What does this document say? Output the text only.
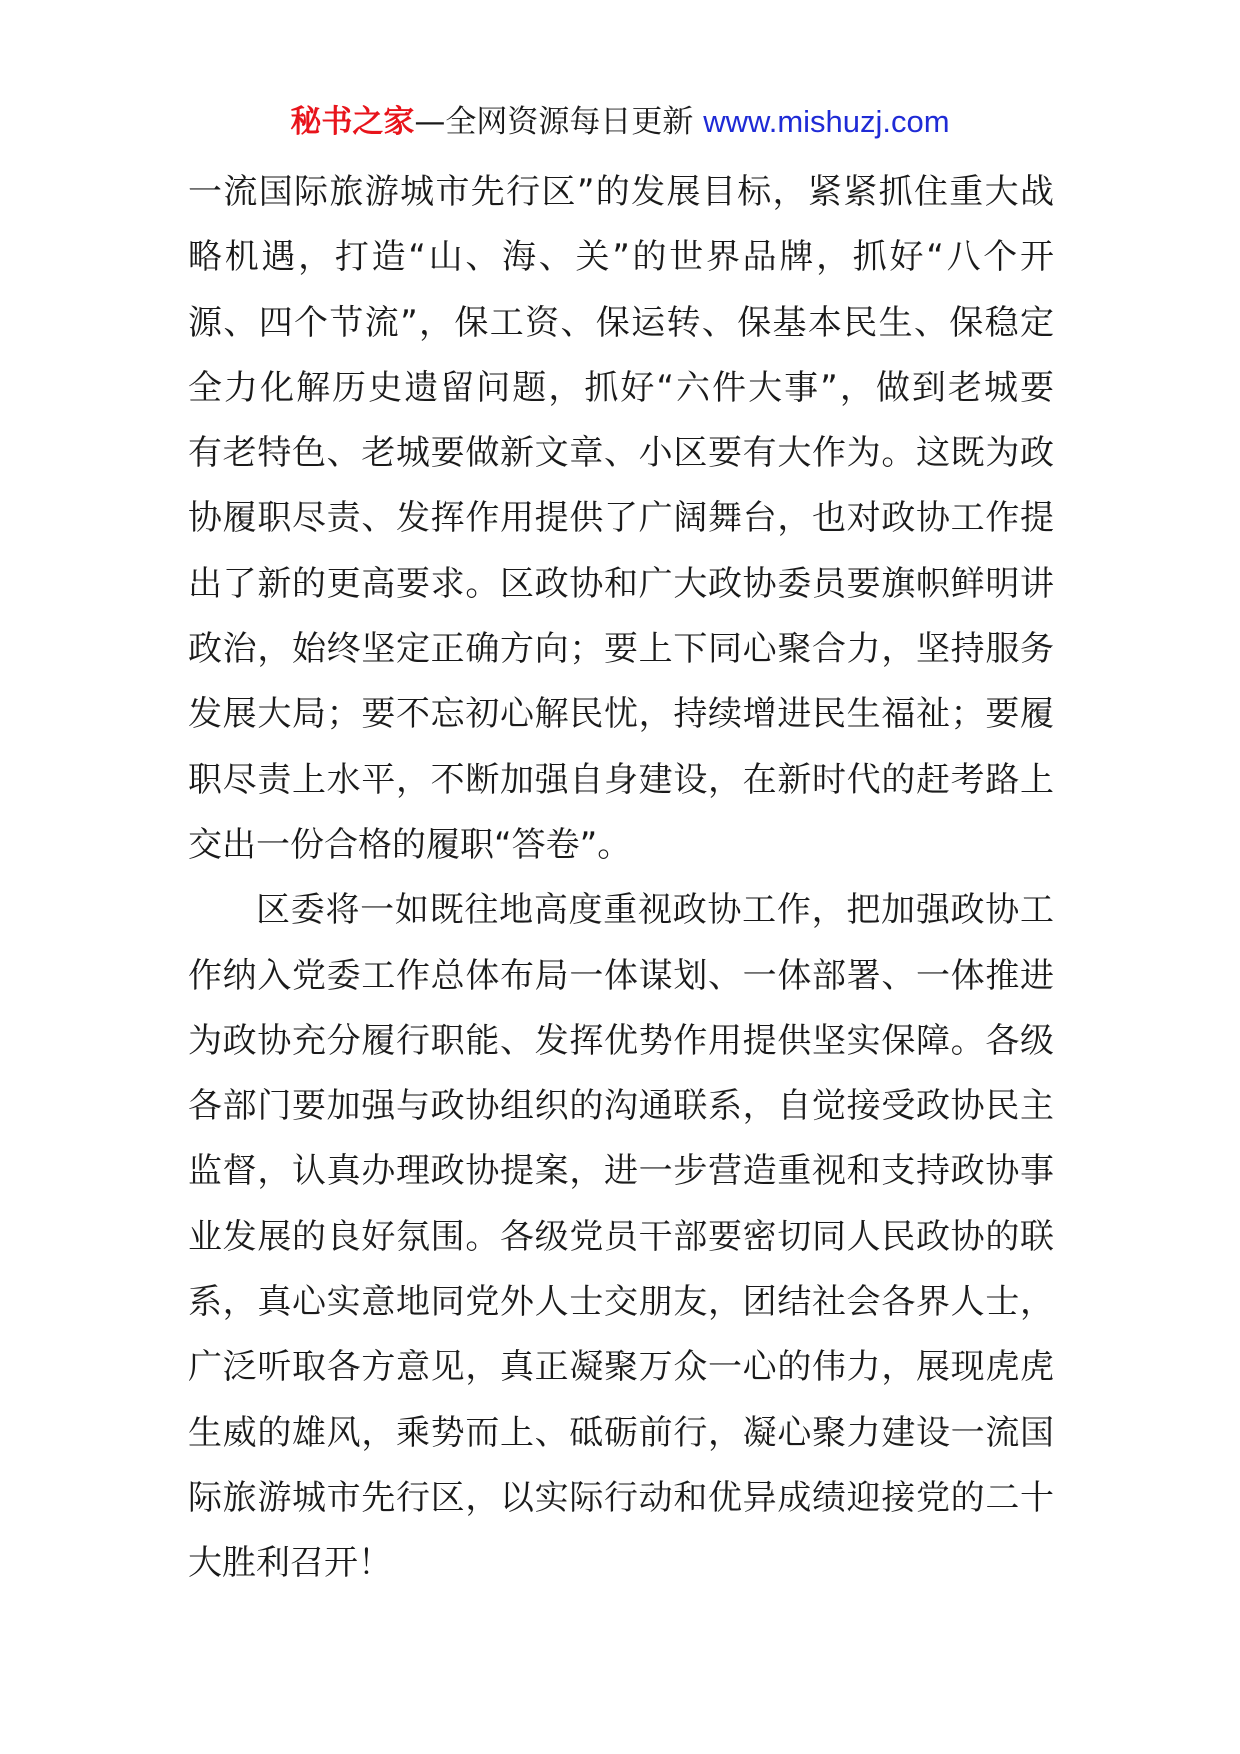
秘书之家—全网资源每日更新 www.mishuzj.com
一流国际旅游城市先行区”的发展目标，紧紧抓住重大战
略机遇，打造“山、海、关”的世界品牌，抓好“八个开
源、四个节流”，保工资、保运转、保基本民生、保稳定
全力化解历史遗留问题，抓好“六件大事”，做到老城要
有老特色、老城要做新文章、小区要有大作为。这既为政
协履职尽责、发挥作用提供了广阔舞台，也对政协工作提
出了新的更高要求。区政协和广大政协委员要旗帜鲜明讲
政治，始终坚定正确方向；要上下同心聚合力，坚持服务
发展大局；要不忘初心解民忧，持续增进民生福祉；要履
职尽责上水平，不断加强自身建设，在新时代的赶考路上
交出一份合格的履职“答卷”。
区委将一如既往地高度重视政协工作，把加强政协工
作纳入党委工作总体布局一体谋划、一体部署、一体推进
为政协充分履行职能、发挥优势作用提供坚实保障。各级
各部门要加强与政协组织的沟通联系，自觉接受政协民主
监督，认真办理政协提案，进一步营造重视和支持政协事
业发展的良好氛围。各级党员干部要密切同人民政协的联
系，真心实意地同党外人士交朋友，团结社会各界人士，
广泛听取各方意见，真正凝聚万众一心的伟力，展现虎虎
生威的雄风，乘势而上、砥砺前行，凝心聚力建设一流国
际旅游城市先行区，以实际行动和优异成绩迎接党的二十
大胜利召开！
